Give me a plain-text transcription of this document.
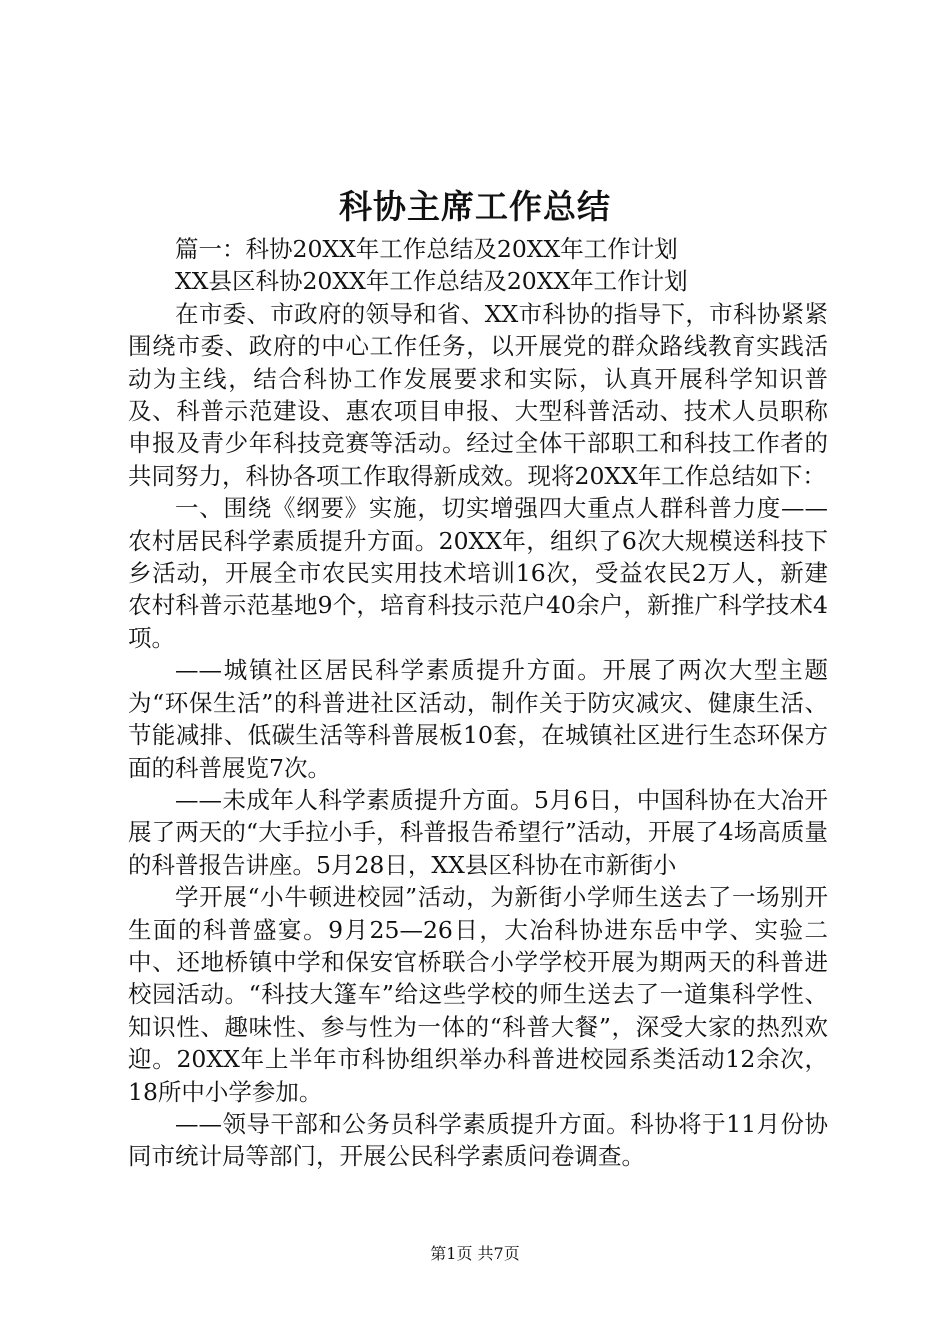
科协主席工作总结

篇一：科协20XX年工作总结及20XX年工作计划

XX县区科协20XX年工作总结及20XX年工作计划

在市委、市政府的领导和省、XX市科协的指导下，市科协紧紧围绕市委、政府的中心工作任务，以开展党的群众路线教育实践活动为主线，结合科协工作发展要求和实际，认真开展科学知识普及、科普示范建设、惠农项目申报、大型科普活动、技术人员职称申报及青少年科技竞赛等活动。经过全体干部职工和科技工作者的共同努力，科协各项工作取得新成效。现将20XX年工作总结如下：

一、围绕《纲要》实施，切实增强四大重点人群科普力度——农村居民科学素质提升方面。20XX年，组织了6次大规模送科技下乡活动，开展全市农民实用技术培训16次，受益农民2万人，新建农村科普示范基地9个，培育科技示范户40余户，新推广科学技术4项。

——城镇社区居民科学素质提升方面。开展了两次大型主题为“环保生活”的科普进社区活动，制作关于防灾减灾、健康生活、节能减排、低碳生活等科普展板10套，在城镇社区进行生态环保方面的科普展览7次。

——未成年人科学素质提升方面。5月6日，中国科协在大冶开展了两天的“大手拉小手，科普报告希望行”活动，开展了4场高质量的科普报告讲座。5月28日，XX县区科协在市新街小

学开展“小牛顿进校园”活动，为新街小学师生送去了一场别开生面的科普盛宴。9月25—26日，大冶科协进东岳中学、实验二中、还地桥镇中学和保安官桥联合小学学校开展为期两天的科普进校园活动。“科技大篷车”给这些学校的师生送去了一道集科学性、知识性、趣味性、参与性为一体的“科普大餐”，深受大家的热烈欢迎。20XX年上半年市科协组织举办科普进校园系类活动12余次，18所中小学参加。

——领导干部和公务员科学素质提升方面。科协将于11月份协同市统计局等部门，开展公民科学素质问卷调查。

第1页 共7页
